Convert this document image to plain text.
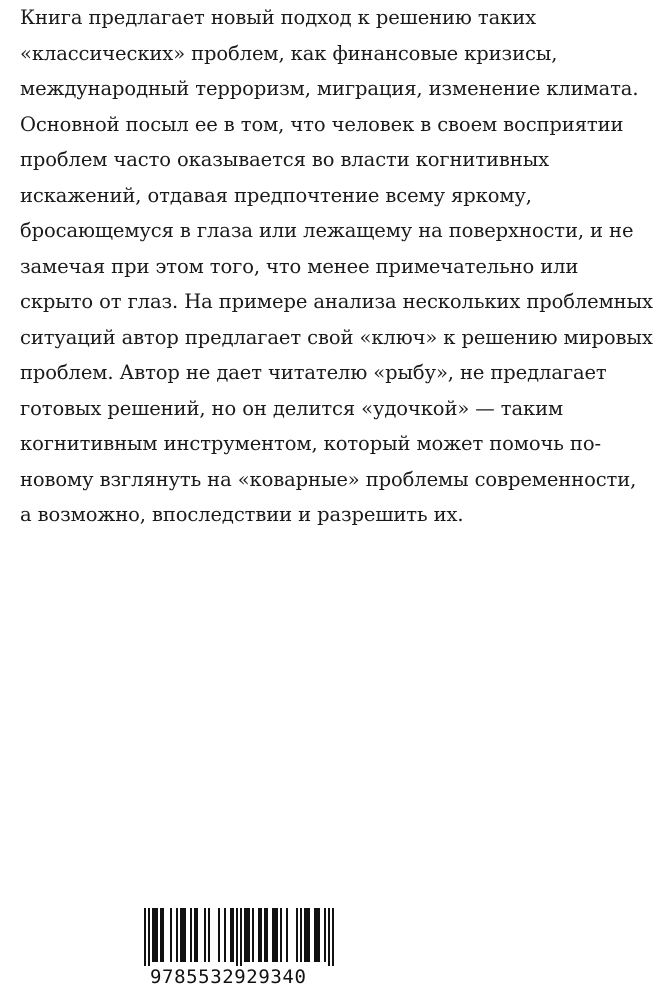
Книга предлагает новый подход к решению таких
«классических» проблем, как финансовые кризисы,
международный терроризм, миграция, изменение климата.
Основной посыл ее в том, что человек в своем восприятии
проблем часто оказывается во власти когнитивных
искажений, отдавая предпочтение всему яркому,
бросающемуся в глаза или лежащему на поверхности, и не
замечая при этом того, что менее примечательно или
скрыто от глаз. На примере анализа нескольких проблемных
ситуаций автор предлагает свой «ключ» к решению мировых
проблем. Автор не дает читателю «рыбу», не предлагает
готовых решений, но он делится «удочкой» — таким
когнитивным инструментом, который может помочь по-
новому взглянуть на «коварные» проблемы современности,
а возможно, впоследствии и разрешить их.
9785532929340
